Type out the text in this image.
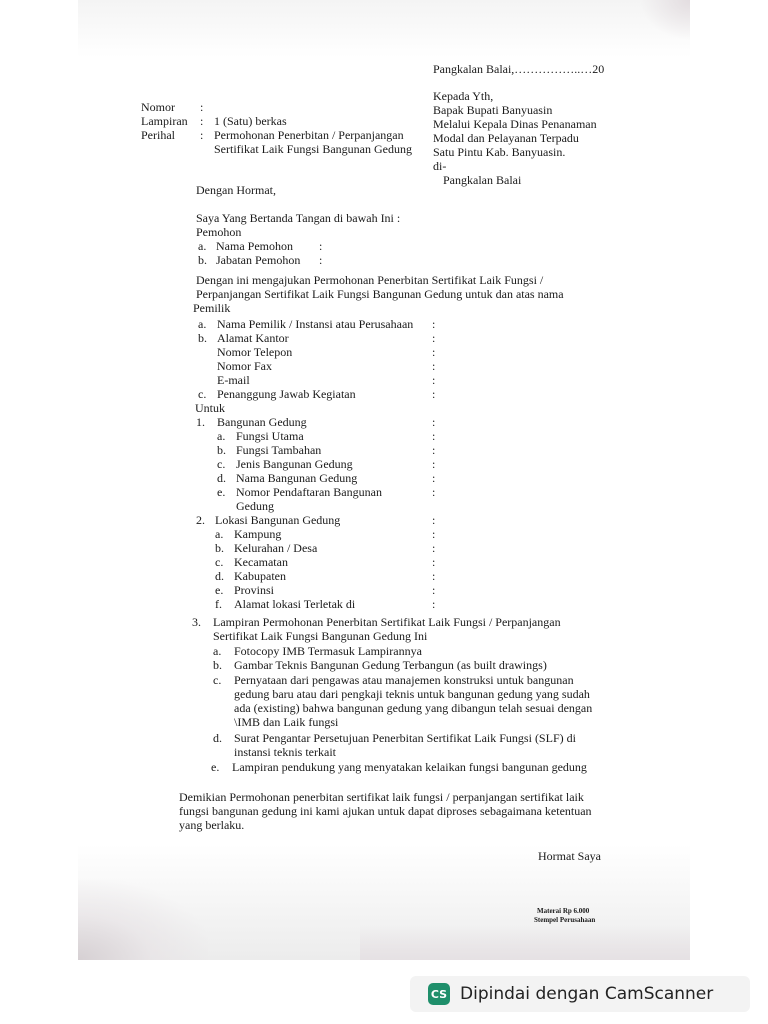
Pangkalan Balai,……………..…20
Kepada Yth,
Bapak Bupati Banyuasin
Melalui Kepala Dinas Penanaman
Modal dan Pelayanan Terpadu
Satu Pintu Kab. Banyuasin.
di-
Pangkalan Balai
Nomor :
Lampiran : 1 (Satu) berkas
Perihal : Permohonan Penerbitan / Perpanjangan
Sertifikat Laik Fungsi Bangunan Gedung
Dengan Hormat,
Saya Yang Bertanda Tangan di bawah Ini :
Pemohon
a. Nama Pemohon :
b. Jabatan Pemohon :
Dengan ini mengajukan Permohonan Penerbitan Sertifikat Laik Fungsi /
Perpanjangan Sertifikat Laik Fungsi Bangunan Gedung untuk dan atas nama
Pemilik
a. Nama Pemilik / Instansi atau Perusahaan :
b. Alamat Kantor	:
Nomor Telepon	:
Nomor Fax	:
E-mail	:
c. Penanggung Jawab Kegiatan	:
Untuk
1. Bangunan Gedung	:
a. Fungsi Utama	:
b. Fungsi Tambahan	:
c. Jenis Bangunan Gedung	:
d. Nama Bangunan Gedung	:
e. Nomor Pendaftaran Bangunan	:
Gedung
2. Lokasi Bangunan Gedung	:
a. Kampung	:
b. Kelurahan / Desa	:
c. Kecamatan	:
d. Kabupaten	:
e. Provinsi	:
f. Alamat lokasi Terletak di	:
3. Lampiran Permohonan Penerbitan Sertifikat Laik Fungsi / Perpanjangan
Sertifikat Laik Fungsi Bangunan Gedung Ini
a. Fotocopy IMB Termasuk Lampirannya
b. Gambar Teknis Bangunan Gedung Terbangun (as built drawings)
c. Pernyataan dari pengawas atau manajemen konstruksi untuk bangunan
gedung baru atau dari pengkaji teknis untuk bangunan gedung yang sudah
ada (existing) bahwa bangunan gedung yang dibangun telah sesuai dengan
\IMB dan Laik fungsi
d. Surat Pengantar Persetujuan Penerbitan Sertifikat Laik Fungsi (SLF) di
instansi teknis terkait
e. Lampiran pendukung yang menyatakan kelaikan fungsi bangunan gedung
Demikian Permohonan penerbitan sertifikat laik fungsi / perpanjangan sertifikat laik
fungsi bangunan gedung ini kami ajukan untuk dapat diproses sebagaimana ketentuan
yang berlaku.
Hormat Saya
Materai Rp 6.000
Stempel Perusahaan
CS Dipindai dengan CamScanner
